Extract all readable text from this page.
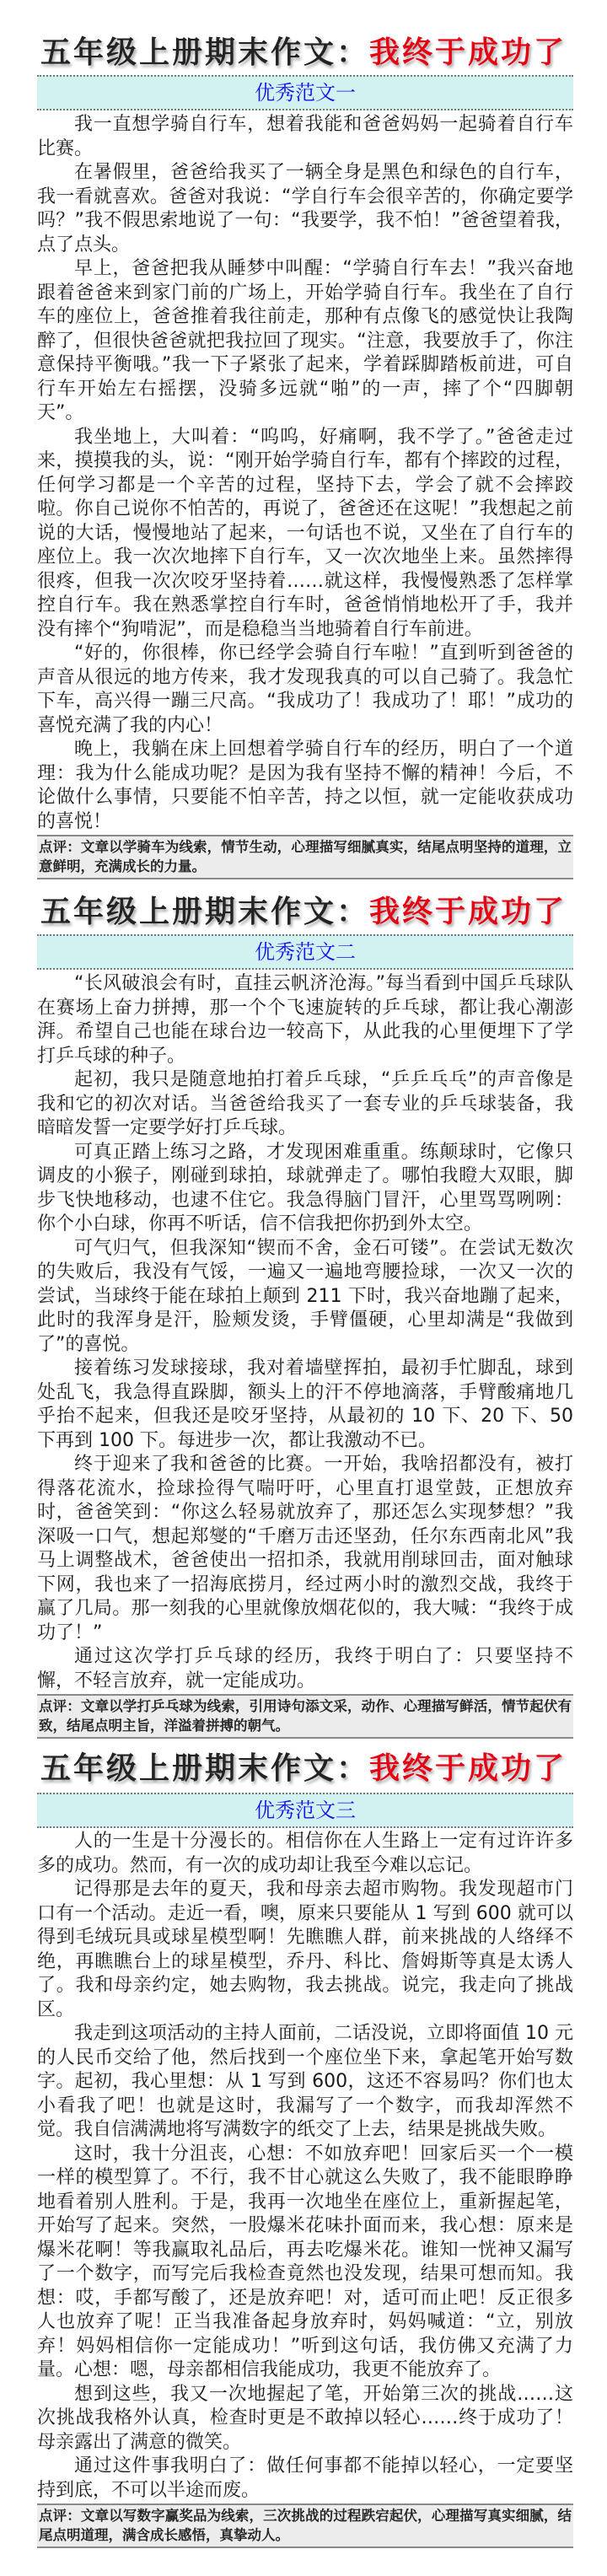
五年级上册期末作文：我终于成功了
优秀范文一

我一直想学骑自行车，想着我能和爸爸妈妈一起骑着自行车比赛。

在暑假里，爸爸给我买了一辆全身是黑色和绿色的自行车，我一看就喜欢。爸爸对我说：“学自行车会很辛苦的，你确定要学吗？”我不假思索地说了一句：“我要学，我不怕！”爸爸望着我，点了点头。

早上，爸爸把我从睡梦中叫醒：“学骑自行车去！”我兴奋地跟着爸爸来到家门前的广场上，开始学骑自行车。我坐在了自行车的座位上，爸爸推着我往前走，那种有点像飞的感觉快让我陶醉了，但很快爸爸就把我拉回了现实。“注意，我要放手了，你注意保持平衡哦。”我一下子紧张了起来，学着踩脚踏板前进，可自行车开始左右摇摆，没骑多远就“啪”的一声，摔了个“四脚朝天”。

我坐地上，大叫着：“呜呜，好痛啊，我不学了。”爸爸走过来，摸摸我的头，说：“刚开始学骑自行车，都有个摔跤的过程，任何学习都是一个辛苦的过程，坚持下去，学会了就不会摔跤啦。你自己说你不怕苦的，再说了，爸爸还在这呢！”我想起之前说的大话，慢慢地站了起来，一句话也不说，又坐在了自行车的座位上。我一次次地摔下自行车，又一次次地坐上来。虽然摔得很疼，但我一次次咬牙坚持着……就这样，我慢慢熟悉了怎样掌控自行车。我在熟悉掌控自行车时，爸爸悄悄地松开了手，我并没有摔个“狗啃泥”，而是稳稳当当地骑着自行车前进。

“好的，你很棒，你已经学会骑自行车啦！”直到听到爸爸的声音从很远的地方传来，我才发现我真的可以自己骑了。我急忙下车，高兴得一蹦三尺高。“我成功了！我成功了！耶！”成功的喜悦充满了我的内心！

晚上，我躺在床上回想着学骑自行车的经历，明白了一个道理：我为什么能成功呢？是因为我有坚持不懈的精神！今后，不论做什么事情，只要能不怕辛苦，持之以恒，就一定能收获成功的喜悦！

点评：文章以学骑车为线索，情节生动，心理描写细腻真实，结尾点明坚持的道理，立意鲜明，充满成长的力量。
五年级上册期末作文：我终于成功了
优秀范文二

“长风破浪会有时，直挂云帆济沧海。”每当看到中国乒乓球队在赛场上奋力拼搏，那一个个飞速旋转的乒乓球，都让我心潮澎湃。希望自己也能在球台边一较高下，从此我的心里便埋下了学打乒乓球的种子。

起初，我只是随意地拍打着乒乓球，“乒乒乓乓”的声音像是我和它的初次对话。当爸爸给我买了一套专业的乒乓球装备，我暗暗发誓一定要学好打乒乓球。

可真正踏上练习之路，才发现困难重重。练颠球时，它像只调皮的小猴子，刚碰到球拍，球就弹走了。哪怕我瞪大双眼，脚步飞快地移动，也逮不住它。我急得脑门冒汗，心里骂骂咧咧：你个小白球，你再不听话，信不信我把你扔到外太空。

可气归气，但我深知“锲而不舍，金石可镂”。在尝试无数次的失败后，我没有气馁，一遍又一遍地弯腰捡球，一次又一次的尝试，当球终于能在球拍上颠到 211 下时，我兴奋地蹦了起来，此时的我浑身是汗，脸颊发烫，手臂僵硬，心里却满是“我做到了”的喜悦。

接着练习发球接球，我对着墙壁挥拍，最初手忙脚乱，球到处乱飞，我急得直跺脚，额头上的汗不停地滴落，手臂酸痛地几乎抬不起来，但我还是咬牙坚持，从最初的 10 下、20 下、50 下再到 100 下。每进步一次，都让我激动不已。

终于迎来了我和爸爸的比赛。一开始，我啥招都没有，被打得落花流水，捡球捡得气喘吁吁，心里直打退堂鼓，正想放弃时，爸爸笑到：“你这么轻易就放弃了，那还怎么实现梦想？”我深吸一口气，想起郑燮的“千磨万击还坚劲，任尔东西南北风”我马上调整战术，爸爸使出一招扣杀，我就用削球回击，面对触球下网，我也来了一招海底捞月，经过两小时的激烈交战，我终于赢了几局。那一刻我的心里就像放烟花似的，我大喊：“我终于成功了！”

通过这次学打乒乓球的经历，我终于明白了：只要坚持不懈，不轻言放弃，就一定能成功。

点评：文章以学打乒乓球为线索，引用诗句添文采，动作、心理描写鲜活，情节起伏有致，结尾点明主旨，洋溢着拼搏的朝气。
五年级上册期末作文：我终于成功了
优秀范文三

人的一生是十分漫长的。相信你在人生路上一定有过许许多多的成功。然而，有一次的成功却让我至今难以忘记。

记得那是去年的夏天，我和母亲去超市购物。我发现超市门口有一个活动。走近一看，噢，原来只要能从 1 写到 600 就可以得到毛绒玩具或球星模型啊！先瞧瞧人群，前来挑战的人络绎不绝，再瞧瞧台上的球星模型，乔丹、科比、詹姆斯等真是太诱人了。我和母亲约定，她去购物，我去挑战。说完，我走向了挑战区。

我走到这项活动的主持人面前，二话没说，立即将面值 10 元的人民币交给了他，然后找到一个座位坐下来，拿起笔开始写数字。起初，我心里想：从 1 写到 600，这还不容易吗？你们也太小看我了吧！也就是这时，我漏写了一个数字，而我却浑然不觉。我自信满满地将写满数字的纸交了上去，结果是挑战失败。

这时，我十分沮丧，心想：不如放弃吧！回家后买一个一模一样的模型算了。不行，我不甘心就这么失败了，我不能眼睁睁地看着别人胜利。于是，我再一次地坐在座位上，重新握起笔，开始写了起来。突然，一股爆米花味扑面而来，我心想：原来是爆米花啊！等我赢取礼品后，再去吃爆米花。谁知一恍神又漏写了一个数字，而写完后我检查竟然也没发现，结果可想而知。我想：哎，手都写酸了，还是放弃吧！对，适可而止吧！反正很多人也放弃了呢！正当我准备起身放弃时，妈妈喊道：“立，别放弃！妈妈相信你一定能成功！”听到这句话，我仿佛又充满了力量。心想：嗯，母亲都相信我能成功，我更不能放弃了。

想到这些，我又一次地握起了笔，开始第三次的挑战……这次挑战我格外认真，检查时更是不敢掉以轻心……终于成功了！母亲露出了满意的微笑。

通过这件事我明白了：做任何事都不能掉以轻心，一定要坚持到底，不可以半途而废。

点评：文章以写数字赢奖品为线索，三次挑战的过程跌宕起伏，心理描写真实细腻，结尾点明道理，满含成长感悟，真挚动人。
